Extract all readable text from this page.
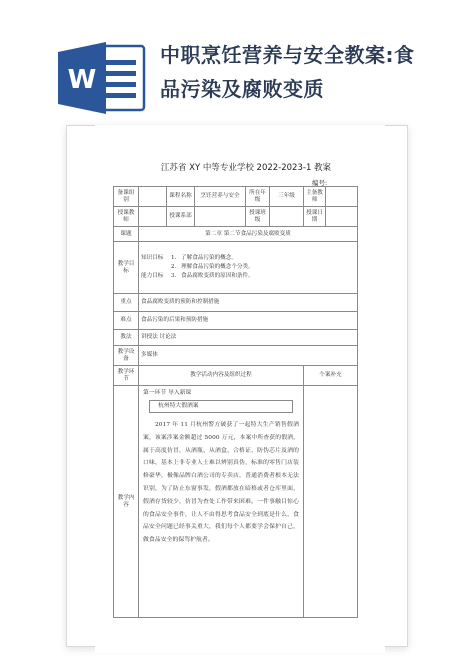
W
中职烹饪营养与安全教案:食
品污染及腐败变质
江苏省 XY 中等专业学校 2022-2023-1 教案
编号:
备课组别		课程名称	烹饪营养与安全	所在年级	三年级	主备教师	
授课教师		授课系部		授课班级		授课日期	
课题	第二章 第二节食品污染及腐败变质						
教学目标	知识目标 1. 了解食品污染的概念。
2. 理解食品污染的概念个分类。
能力目标 3. 食品腐败变质的原因和条件。						

重点	食品腐败变质的预防和控制措施						
难点	食品污染的后果和预防措施						
教法	讲授法 讨论法						
教学设备	多媒体						
教学环节	教学活动内容及组织过程					个案补充	
教学内容	第一环节 导入新课
杭州特大假酒案

2017 年 11 月杭州警方破获了一起特大生产销售假酒案，该案涉案金额超过 5000 万元，本案中所查获的假酒，属于高度仿冒，从酒瓶、从酒盒、合格证、防伪芯片及酒的口味，基本上非专业人士难以辨别真伪，标准的零售门店装修豪华，极像品牌白酒公司的专卖店，普通消费者根本无法识别，为了防止东窗事发，假酒都放在暗格或者仓库里面，假酒存货较少，仿冒为查处工作带来困难。一件事触目惊心的食品安全事件，让人不由得思考食品安全到底是什么，食品安全问题已经事关重大，我们每个人都要学会保护自己，做食品安全的保驾护航者。						
